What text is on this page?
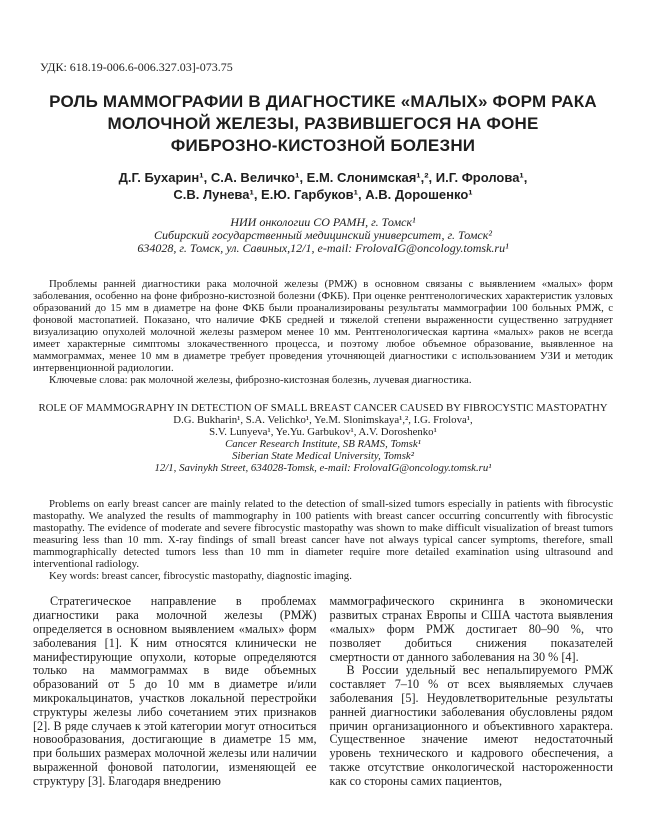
УДК: 618.19-006.6-006.327.03]-073.75
РОЛЬ МАММОГРАФИИ В ДИАГНОСТИКЕ «МАЛЫХ» ФОРМ РАКА
МОЛОЧНОЙ ЖЕЛЕЗЫ, РАЗВИВШЕГОСЯ НА ФОНЕ
ФИБРОЗНО-КИСТОЗНОЙ БОЛЕЗНИ
Д.Г. Бухарин¹, С.А. Величко¹, Е.М. Слонимская¹,², И.Г. Фролова¹,
С.В. Лунева¹, Е.Ю. Гарбуков¹, А.В. Дорошенко¹
НИИ онкологии СО РАМН, г. Томск¹
Сибирский государственный медицинский университет, г. Томск²
634028, г. Томск, ул. Савиных,12/1, e-mail: FrolovaIG@oncology.tomsk.ru¹

Проблемы ранней диагностики рака молочной железы (РМЖ) в основном связаны с выявлением «малых» форм заболевания, особенно на фоне фиброзно-кистозной болезни (ФКБ). При оценке рентгенологических характеристик узловых образований до 15 мм в диаметре на фоне ФКБ были проанализированы результаты маммографии 100 больных РМЖ, с фоновой мастопатией. Показано, что наличие ФКБ средней и тяжелой степени выраженности существенно затрудняет визуализацию опухолей молочной железы размером менее 10 мм. Рентгенологическая картина «малых» раков не всегда имеет характерные симптомы злокачественного процесса, и поэтому любое объемное образование, выявленное на маммограммах, менее 10 мм в диаметре требует проведения уточняющей диагностики с использованием УЗИ и методик интервенционной радиологии.

Ключевые слова: рак молочной железы, фиброзно-кистозная болезнь, лучевая диагностика.

ROLE OF MAMMOGRAPHY IN DETECTION OF SMALL BREAST CANCER CAUSED BY FIBROCYSTIC MASTOPATHY
D.G. Bukharin¹, S.A. Velichko¹, Ye.M. Slonimskaya¹,², I.G. Frolova¹,
S.V. Lunyeva¹, Ye.Yu. Garbukov¹, A.V. Doroshenko¹
Cancer Research Institute, SB RAMS, Tomsk¹
Siberian State Medical University, Tomsk²
12/1, Savinykh Street, 634028-Tomsk, e-mail: FrolovaIG@oncology.tomsk.ru¹

Problems on early breast cancer are mainly related to the detection of small-sized tumors especially in patients with fibrocystic mastopathy. We analyzed the results of mammography in 100 patients with breast cancer occurring concurrently with fibrocystic mastopathy. The evidence of moderate and severe fibrocystic mastopathy was shown to make difficult visualization of breast tumors measuring less than 10 mm. X-ray findings of small breast cancer have not always typical cancer symptoms, therefore, small mammographically detected tumors less than 10 mm in diameter require more detailed examination using ultrasound and interventional radiology.

Key words: breast cancer, fibrocystic mastopathy, diagnostic imaging.

Стратегическое направление в проблемах диагностики рака молочной железы (РМЖ) определяется в основном выявлением «малых» форм заболевания [1]. К ним относятся клинически не манифестирующие опухоли, которые определяются только на маммограммах в виде объемных образований от 5 до 10 мм в диаметре и/или микрокальцинатов, участков локальной перестройки структуры железы либо сочетанием этих признаков [2]. В ряде случаев к этой категории могут относиться новообразования, достигающие в диаметре 15 мм, при больших размерах молочной железы или наличии выраженной фоновой патологии, изменяющей ее структуру [3]. Благодаря внедрению

маммографического скрининга в экономически развитых странах Европы и США частота выявления «малых» форм РМЖ достигает 80–90 %, что позволяет добиться снижения показателей смертности от данного заболевания на 30 % [4].

В России удельный вес непальпируемого РМЖ составляет 7–10 % от всех выявляемых случаев заболевания [5]. Неудовлетворительные результаты ранней диагностики заболевания обусловлены рядом причин организационного и объективного характера. Существенное значение имеют недостаточный уровень технического и кадрового обеспечения, а также отсутствие онкологической настороженности как со стороны самих пациентов,
